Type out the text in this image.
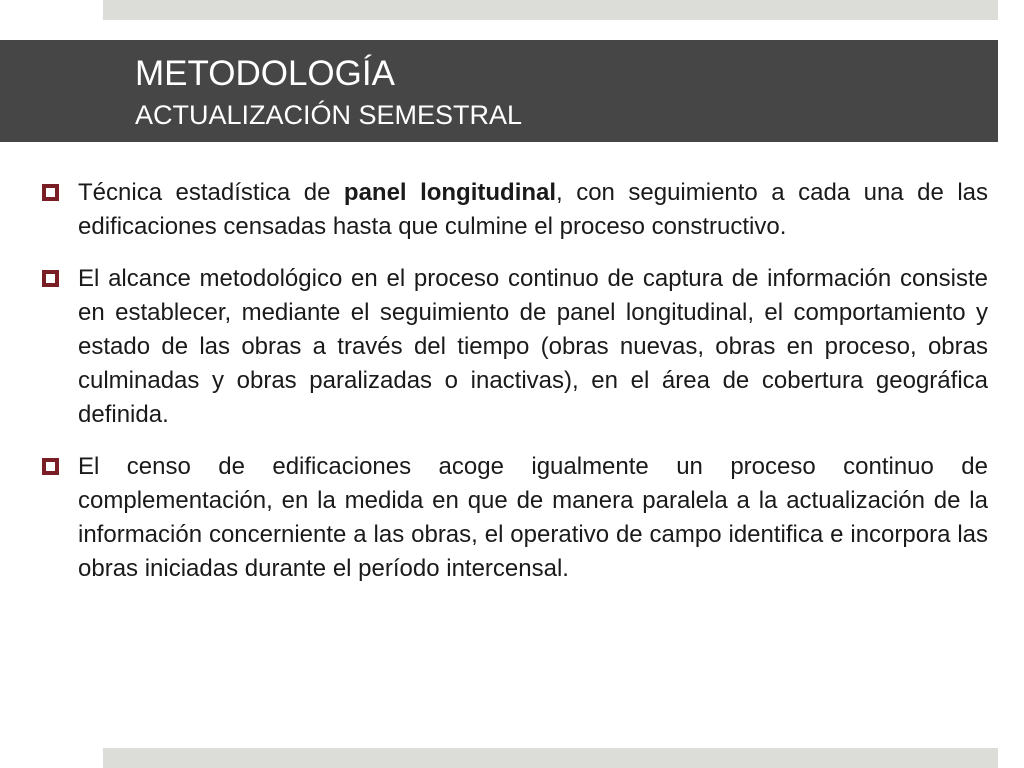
METODOLOGÍA
ACTUALIZACIÓN SEMESTRAL
Técnica estadística de panel longitudinal, con seguimiento a cada una de las edificaciones censadas hasta que culmine el proceso constructivo.
El alcance metodológico en el proceso continuo de captura de información consiste en establecer, mediante el seguimiento de panel longitudinal, el comportamiento y estado de las obras a través del tiempo (obras nuevas, obras en proceso, obras culminadas y obras paralizadas o inactivas), en el área de cobertura geográfica definida.
El censo de edificaciones acoge igualmente un proceso continuo de complementación, en la medida en que de manera paralela a la actualización de la información concerniente a las obras, el operativo de campo identifica e incorpora las obras iniciadas durante el período intercensal.
